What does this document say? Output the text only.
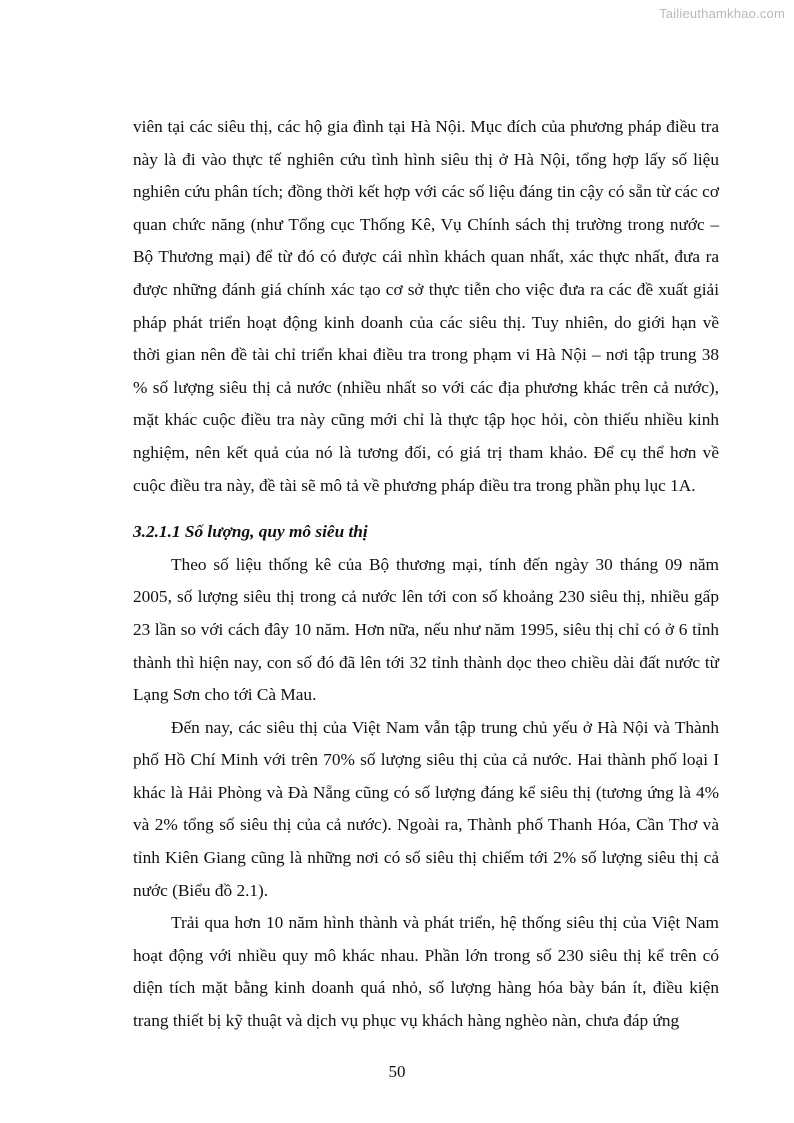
Tailieuthamkhao.com

viên tại các siêu thị, các hộ gia đình tại Hà Nội. Mục đích của phương pháp điều tra này là đi vào thực tế nghiên cứu tình hình siêu thị ở Hà Nội, tổng hợp lấy số liệu nghiên cứu phân tích; đồng thời kết hợp với các số liệu đáng tin cậy có sẵn từ các cơ quan chức năng (như Tổng cục Thống Kê, Vụ Chính sách thị trường trong nước – Bộ Thương mại) để từ đó có được cái nhìn khách quan nhất, xác thực nhất, đưa ra được những đánh giá chính xác tạo cơ sở thực tiễn cho việc đưa ra các đề xuất giải pháp phát triển hoạt động kinh doanh của các siêu thị. Tuy nhiên, do giới hạn về thời gian nên đề tài chỉ triển khai điều tra trong phạm vi Hà Nội – nơi tập trung 38 % số lượng siêu thị cả nước (nhiều nhất so với các địa phương khác trên cả nước), mặt khác cuộc điều tra này cũng mới chỉ là thực tập học hỏi, còn thiếu nhiều kinh nghiệm, nên kết quả của nó là tương đối, có giá trị tham khảo. Để cụ thể hơn về cuộc điều tra này, đề tài sẽ mô tả về phương pháp điều tra trong phần phụ lục 1A.

3.2.1.1 Số lượng, quy mô siêu thị

Theo số liệu thống kê của Bộ thương mại, tính đến ngày 30 tháng 09 năm 2005, số lượng siêu thị trong cả nước lên tới con số khoảng 230 siêu thị, nhiều gấp 23 lần so với cách đây 10 năm. Hơn nữa, nếu như năm 1995, siêu thị chỉ có ở 6 tỉnh thành thì hiện nay, con số đó đã lên tới 32 tỉnh thành dọc theo chiều dài đất nước từ Lạng Sơn cho tới Cà Mau.

Đến nay, các siêu thị của Việt Nam vẫn tập trung chủ yếu ở Hà Nội và Thành phố Hồ Chí Minh với trên 70% số lượng siêu thị của cả nước. Hai thành phố loại I khác là Hải Phòng và Đà Nẵng cũng có số lượng đáng kể siêu thị (tương ứng là 4% và 2% tổng số siêu thị của cả nước). Ngoài ra, Thành phố Thanh Hóa, Cần Thơ và tỉnh Kiên Giang cũng là những nơi có số siêu thị chiếm tới 2% số lượng siêu thị cả nước (Biểu đồ 2.1).

Trải qua hơn 10 năm hình thành và phát triển, hệ thống siêu thị của Việt Nam hoạt động với nhiều quy mô khác nhau. Phần lớn trong số 230 siêu thị kể trên có diện tích mặt bằng kinh doanh quá nhỏ, số lượng hàng hóa bày bán ít, điều kiện trang thiết bị kỹ thuật và dịch vụ phục vụ khách hàng nghèo nàn, chưa đáp ứng

50
